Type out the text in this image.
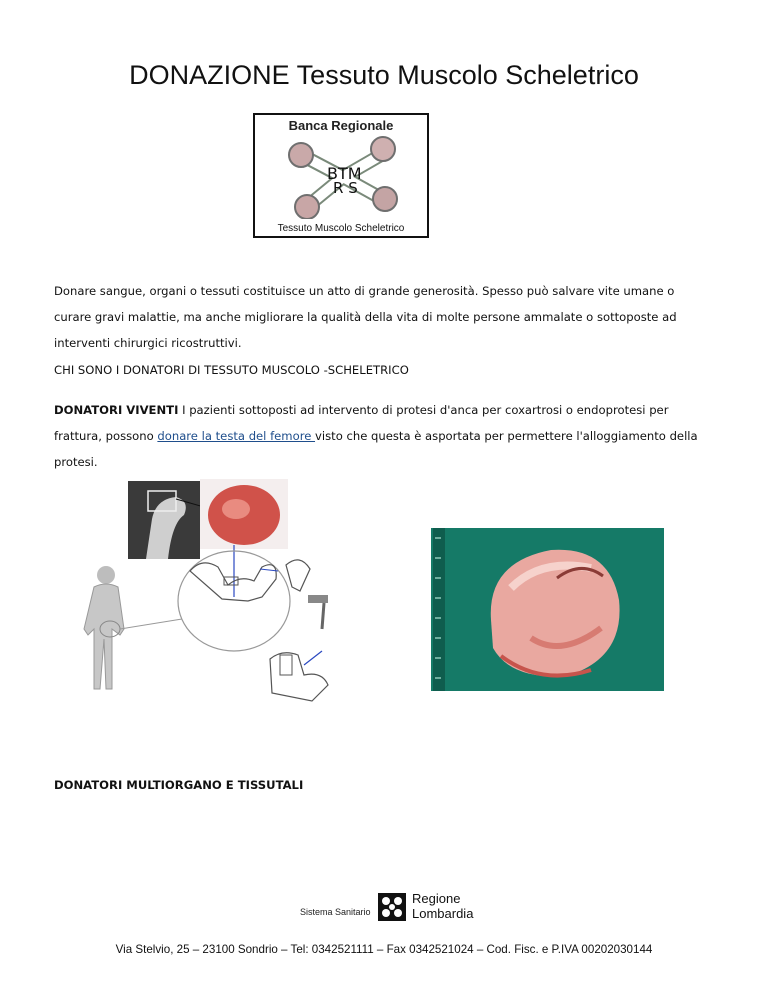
DONAZIONE Tessuto Muscolo Scheletrico
Banca Regionale
BTM
R S
Tessuto Muscolo Scheletrico
Donare sangue, organi o tessuti costituisce un atto di grande generosità. Spesso può salvare vite umane o
curare gravi malattie, ma anche migliorare la qualità della vita di molte persone ammalate o sottoposte ad
interventi chirurgici ricostruttivi.
CHI SONO I DONATORI DI TESSUTO MUSCOLO -SCHELETRICO
DONATORI VIVENTI I pazienti sottoposti ad intervento di protesi d'anca per coxartrosi o endoprotesi per
frattura, possono donare la testa del femore visto che questa è asportata per permettere l'alloggiamento della
protesi.
DONATORI MULTIORGANO E TISSUTALI
Sistema Sanitario
Regione
Lombardia
Via Stelvio, 25 – 23100 Sondrio – Tel: 0342521111 – Fax 0342521024 – Cod. Fisc. e P.IVA 00202030144
